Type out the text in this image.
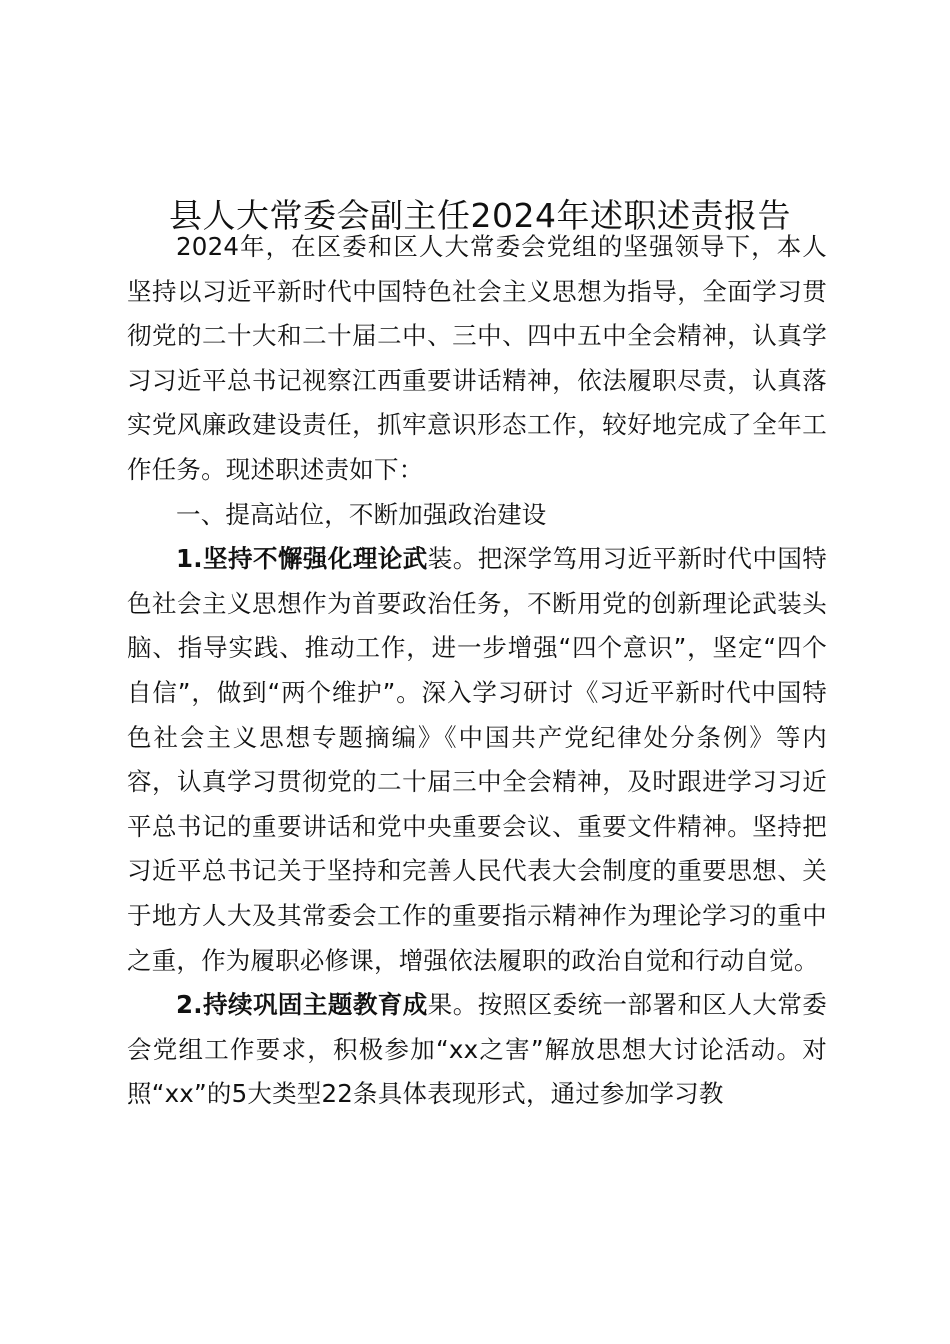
县人大常委会副主任2024年述职述责报告

2024年，在区委和区人大常委会党组的坚强领导下，本人坚持以习近平新时代中国特色社会主义思想为指导，全面学习贯彻党的二十大和二十届二中、三中、四中五中全会精神，认真学习习近平总书记视察江西重要讲话精神，依法履职尽责，认真落实党风廉政建设责任，抓牢意识形态工作，较好地完成了全年工作任务。现述职述责如下：

一、提高站位，不断加强政治建设

1.坚持不懈强化理论武装。把深学笃用习近平新时代中国特色社会主义思想作为首要政治任务，不断用党的创新理论武装头脑、指导实践、推动工作，进一步增强“四个意识”，坚定“四个自信”，做到“两个维护”。深入学习研讨《习近平新时代中国特色社会主义思想专题摘编》《中国共产党纪律处分条例》等内容，认真学习贯彻党的二十届三中全会精神，及时跟进学习习近平总书记的重要讲话和党中央重要会议、重要文件精神。坚持把习近平总书记关于坚持和完善人民代表大会制度的重要思想、关于地方人大及其常委会工作的重要指示精神作为理论学习的重中之重，作为履职必修课，增强依法履职的政治自觉和行动自觉。

2.持续巩固主题教育成果。按照区委统一部署和区人大常委会党组工作要求，积极参加“xx之害”解放思想大讨论活动。对照“xx”的5大类型22条具体表现形式，通过参加学习教
